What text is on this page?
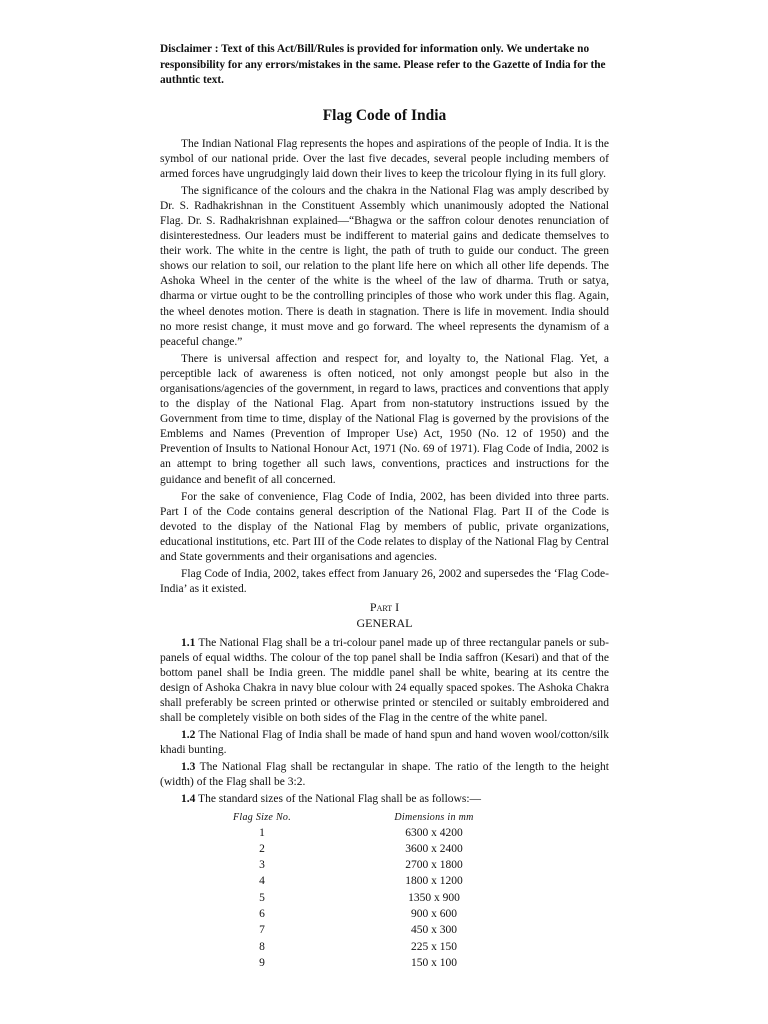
Disclaimer : Text of this Act/Bill/Rules is provided for information only. We undertake no responsibility for any errors/mistakes in the same. Please refer to the Gazette of India for the authntic text.

Flag Code of India

The Indian National Flag represents the hopes and aspirations of the people of India. It is the symbol of our national pride. Over the last five decades, several people including members of armed forces have ungrudgingly laid down their lives to keep the tricolour flying in its full glory.

The significance of the colours and the chakra in the National Flag was amply described by Dr. S. Radhakrishnan in the Constituent Assembly which unanimously adopted the National Flag. Dr. S. Radhakrishnan explained—“Bhagwa or the saffron colour denotes renunciation of disinterestedness. Our leaders must be indifferent to material gains and dedicate themselves to their work. The white in the centre is light, the path of truth to guide our conduct. The green shows our relation to soil, our relation to the plant life here on which all other life depends. The Ashoka Wheel in the center of the white is the wheel of the law of dharma. Truth or satya, dharma or virtue ought to be the controlling principles of those who work under this flag. Again, the wheel denotes motion. There is death in stagnation. There is life in movement. India should no more resist change, it must move and go forward. The wheel represents the dynamism of a peaceful change.”

There is universal affection and respect for, and loyalty to, the National Flag. Yet, a perceptible lack of awareness is often noticed, not only amongst people but also in the organisations/agencies of the government, in regard to laws, practices and conventions that apply to the display of the National Flag. Apart from non-statutory instructions issued by the Government from time to time, display of the National Flag is governed by the provisions of the Emblems and Names (Prevention of Improper Use) Act, 1950 (No. 12 of 1950) and the Prevention of Insults to National Honour Act, 1971 (No. 69 of 1971). Flag Code of India, 2002 is an attempt to bring together all such laws, conventions, practices and instructions for the guidance and benefit of all concerned.

For the sake of convenience, Flag Code of India, 2002, has been divided into three parts. Part I of the Code contains general description of the National Flag. Part II of the Code is devoted to the display of the National Flag by members of public, private organizations, educational institutions, etc. Part III of the Code relates to display of the National Flag by Central and State governments and their organisations and agencies.

Flag Code of India, 2002, takes effect from January 26, 2002 and supersedes the ‘Flag Code-India’ as it existed.

Part I
GENERAL

1.1 The National Flag shall be a tri-colour panel made up of three rectangular panels or sub-panels of equal widths. The colour of the top panel shall be India saffron (Kesari) and that of the bottom panel shall be India green. The middle panel shall be white, bearing at its centre the design of Ashoka Chakra in navy blue colour with 24 equally spaced spokes. The Ashoka Chakra shall preferably be screen printed or otherwise printed or stenciled or suitably embroidered and shall be completely visible on both sides of the Flag in the centre of the white panel.

1.2 The National Flag of India shall be made of hand spun and hand woven wool/cotton/silk khadi bunting.

1.3 The National Flag shall be rectangular in shape. The ratio of the length to the height (width) of the Flag shall be 3:2.

1.4 The standard sizes of the National Flag shall be as follows:—

Flag Size No.	Dimensions in mm
1	6300 x 4200
2	3600 x 2400
3	2700 x 1800
4	1800 x 1200
5	1350 x 900
6	900 x 600
7	450 x 300
8	225 x 150
9	150 x 100
